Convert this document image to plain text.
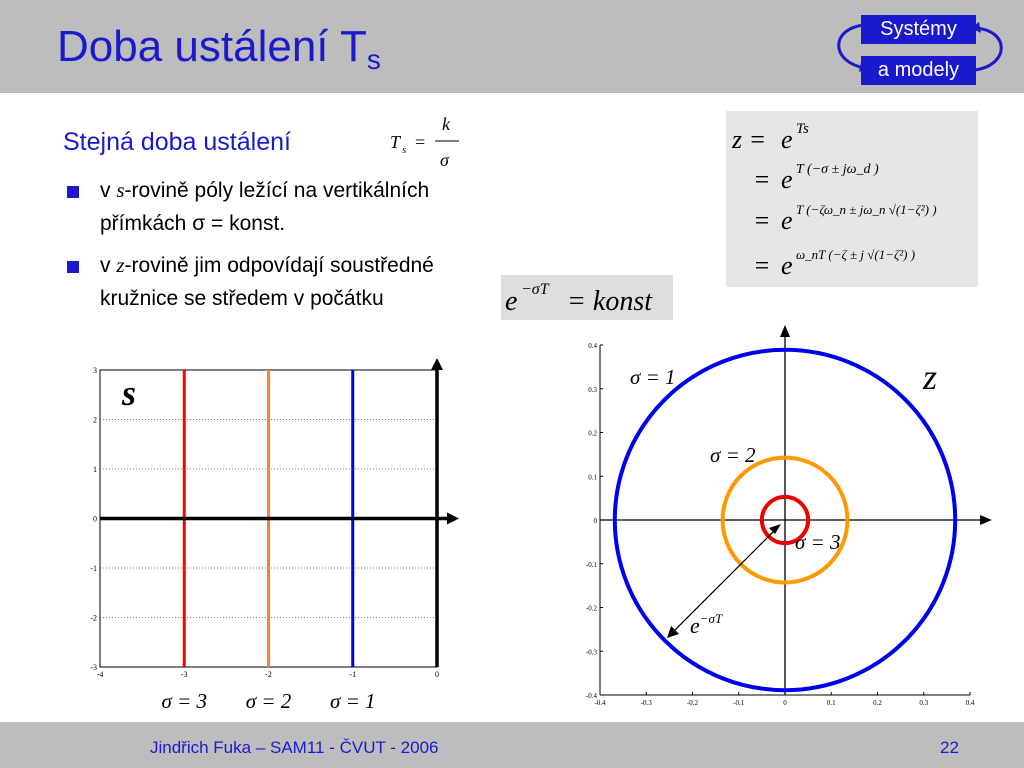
Doba ustálení $T_s$
Systémy
a modely
Stejná doba ustálení	T s =
k
σ
v s-rovině póly ležící na vertikálních
přímkách σ = konst.
v z-rovině jim odpovídají soustředné
kružnice se středem v počátku	e −σT = konst
z = e Ts
= e T (−σ ± jω_d )
= e T (−ζω_n ± jω_n √(1−ζ²) )
= e ω_nT (−ζ ± j √(1−ζ²) )
3
2
1
0
-1
-2
-3
-4	-3	-2	-1	0
s
σ = 3 σ = 2 σ = 1
0.4
0.3
0.2
0.1
0
-0.1
-0.2
-0.3
-0.4
-0.4	-0.3	-0.2	-0.1	0	0.1	0.2	0.3	0.4
σ = 1
σ = 2
σ = 3
z
$e^{-\sigma T}$
Jindřich Fuka – SAM11 - ČVUT - 2006	22
